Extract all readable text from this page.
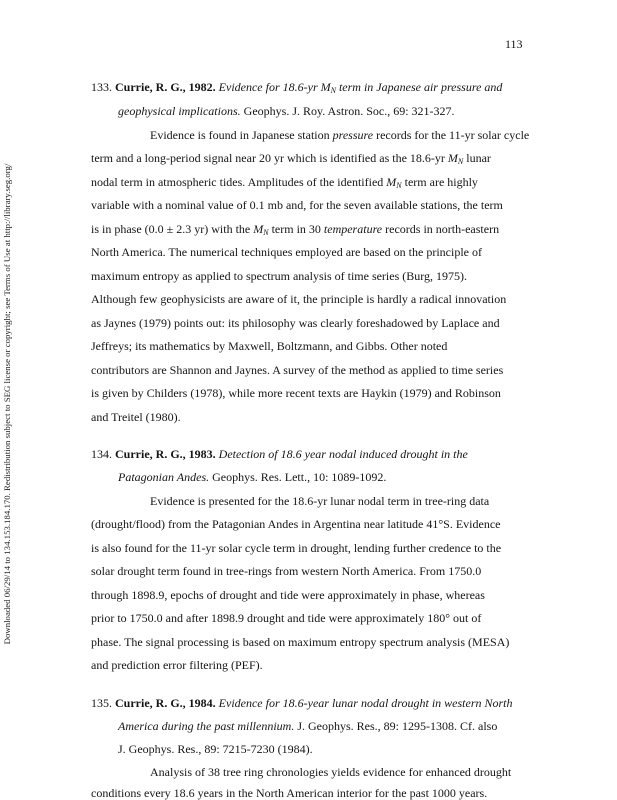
113
Downloaded 06/29/14 to 134.153.184.170. Redistribution subject to SEG license or copyright; see Terms of Use at http://library.seg.org/
133. Currie, R. G., 1982. Evidence for 18.6-yr $M_N$ term in Japanese air pressure and
geophysical implications. Geophys. J. Roy. Astron. Soc., 69: 321-327.
Evidence is found in Japanese station pressure records for the 11-yr solar cycle
term and a long-period signal near 20 yr which is identified as the 18.6-yr $M_N$ lunar
nodal term in atmospheric tides. Amplitudes of the identified $M_N$ term are highly
variable with a nominal value of 0.1 mb and, for the seven available stations, the term
is in phase (0.0 ± 2.3 yr) with the $M_N$ term in 30 temperature records in north-eastern
North America. The numerical techniques employed are based on the principle of
maximum entropy as applied to spectrum analysis of time series (Burg, 1975).
Although few geophysicists are aware of it, the principle is hardly a radical innovation
as Jaynes (1979) points out: its philosophy was clearly foreshadowed by Laplace and
Jeffreys; its mathematics by Maxwell, Boltzmann, and Gibbs. Other noted
contributors are Shannon and Jaynes. A survey of the method as applied to time series
is given by Childers (1978), while more recent texts are Haykin (1979) and Robinson
and Treitel (1980).
134. Currie, R. G., 1983. Detection of 18.6 year nodal induced drought in the
Patagonian Andes. Geophys. Res. Lett., 10: 1089-1092.
Evidence is presented for the 18.6-yr lunar nodal term in tree-ring data
(drought/flood) from the Patagonian Andes in Argentina near latitude 41°S. Evidence
is also found for the 11-yr solar cycle term in drought, lending further credence to the
solar drought term found in tree-rings from western North America. From 1750.0
through 1898.9, epochs of drought and tide were approximately in phase, whereas
prior to 1750.0 and after 1898.9 drought and tide were approximately 180° out of
phase. The signal processing is based on maximum entropy spectrum analysis (MESA)
and prediction error filtering (PEF).
135. Currie, R. G., 1984. Evidence for 18.6-year lunar nodal drought in western North
America during the past millennium. J. Geophys. Res., 89: 1295-1308. Cf. also
J. Geophys. Res., 89: 7215-7230 (1984).
Analysis of 38 tree ring chronologies yields evidence for enhanced drought
conditions every 18.6 years in the North American interior for the past 1000 years.
